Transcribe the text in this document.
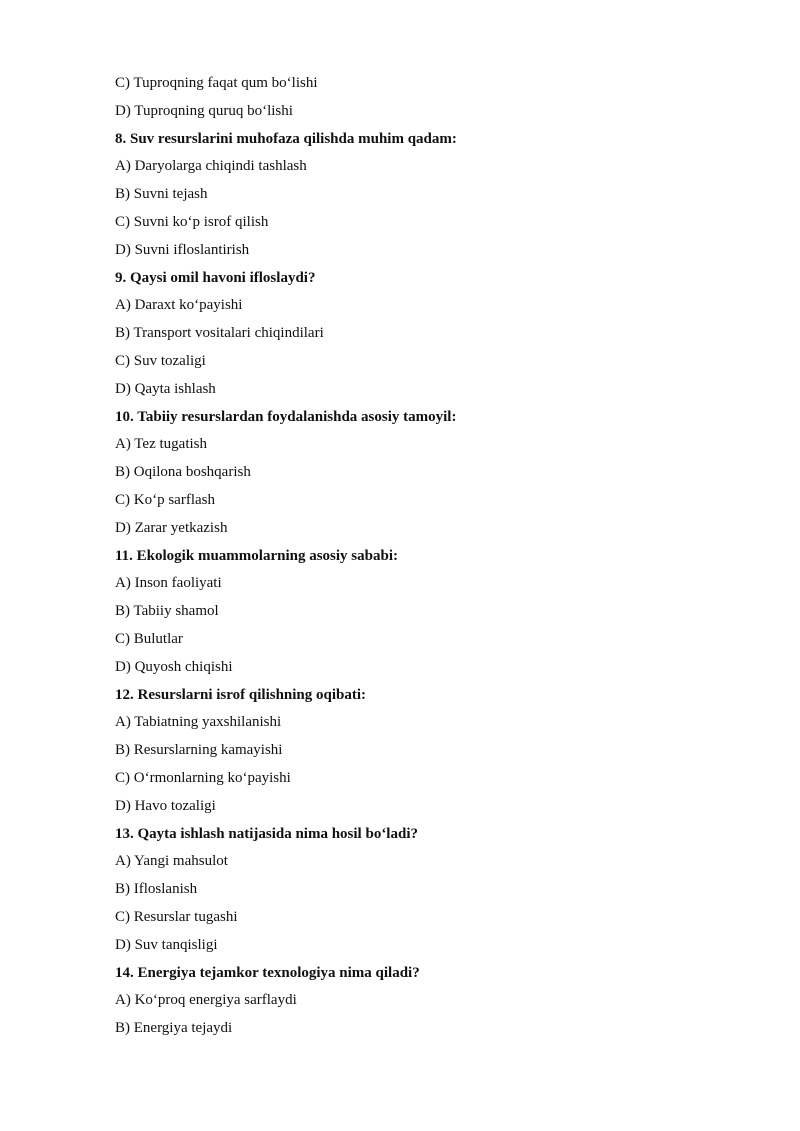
C) Tuproqning faqat qum bo‘lishi
D) Tuproqning quruq bo‘lishi
8. Suv resurslarini muhofaza qilishda muhim qadam:
A) Daryolarga chiqindi tashlash
B) Suvni tejash
C) Suvni ko‘p isrof qilish
D) Suvni ifloslantirish
9. Qaysi omil havoni ifloslaydi?
A) Daraxt ko‘payishi
B) Transport vositalari chiqindilari
C) Suv tozaligi
D) Qayta ishlash
10. Tabiiy resurslardan foydalanishda asosiy tamoyil:
A) Tez tugatish
B) Oqilona boshqarish
C) Ko‘p sarflash
D) Zarar yetkazish
11. Ekologik muammolarning asosiy sababi:
A) Inson faoliyati
B) Tabiiy shamol
C) Bulutlar
D) Quyosh chiqishi
12. Resurslarni isrof qilishning oqibati:
A) Tabiatning yaxshilanishi
B) Resurslarning kamayishi
C) O‘rmonlarning ko‘payishi
D) Havo tozaligi
13. Qayta ishlash natijasida nima hosil bo‘ladi?
A) Yangi mahsulot
B) Ifloslanish
C) Resurslar tugashi
D) Suv tanqisligi
14. Energiya tejamkor texnologiya nima qiladi?
A) Ko‘proq energiya sarflaydi
B) Energiya tejaydi
